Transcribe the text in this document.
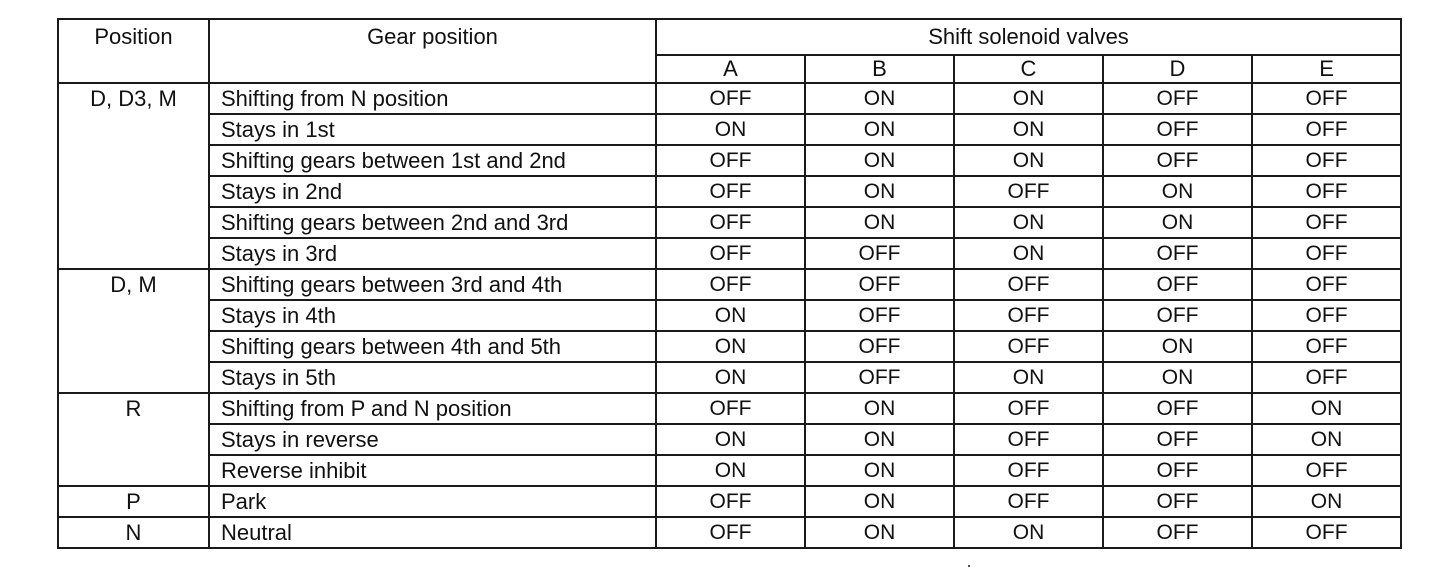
Position	Gear position	Shift solenoid valves				
		A	B	C	D	E
D, D3, M	Shifting from N position	OFF	ON	ON	OFF	OFF
	Stays in 1st	ON	ON	ON	OFF	OFF
	Shifting gears between 1st and 2nd	OFF	ON	ON	OFF	OFF
	Stays in 2nd	OFF	ON	OFF	ON	OFF
	Shifting gears between 2nd and 3rd	OFF	ON	ON	ON	OFF
	Stays in 3rd	OFF	OFF	ON	OFF	OFF
D, M	Shifting gears between 3rd and 4th	OFF	OFF	OFF	OFF	OFF
	Stays in 4th	ON	OFF	OFF	OFF	OFF
	Shifting gears between 4th and 5th	ON	OFF	OFF	ON	OFF
	Stays in 5th	ON	OFF	ON	ON	OFF
R	Shifting from P and N position	OFF	ON	OFF	OFF	ON
	Stays in reverse	ON	ON	OFF	OFF	ON
	Reverse inhibit	ON	ON	OFF	OFF	OFF
P	Park	OFF	ON	OFF	OFF	ON
N	Neutral	OFF	ON	ON	OFF	OFF
